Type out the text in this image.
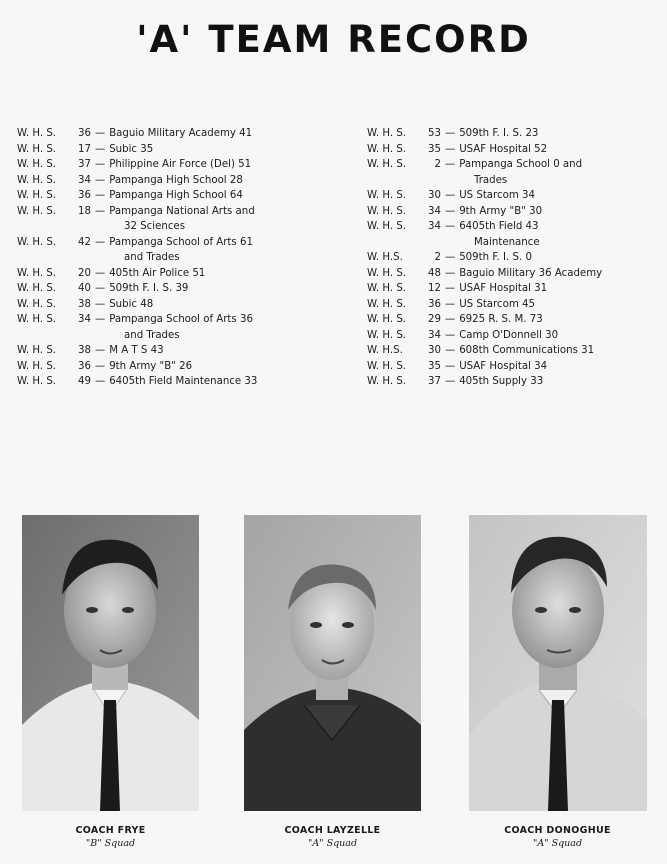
'A' TEAM RECORD
W. H. S. 36 — Baguio Military Academy 41
W. H. S. 17 — Subic 35
W. H. S. 37 — Philippine Air Force (Del) 51
W. H. S. 34 — Pampanga High School 28
W. H. S. 36 — Pampanga High School 64
W. H. S. 18 — Pampanga National Arts and
32 Sciences
W. H. S. 42 — Pampanga School of Arts 61
and Trades
W. H. S. 20 — 405th Air Police 51
W. H. S. 40 — 509th F. I. S. 39
W. H. S. 38 — Subic 48
W. H. S. 34 — Pampanga School of Arts 36
and Trades
W. H. S. 38 — M A T S 43
W. H. S. 36 — 9th Army "B" 26
W. H. S. 49 — 6405th Field Maintenance 33
W. H. S. 53 — 509th F. I. S. 23
W. H. S. 35 — USAF Hospital 52
W. H. S.	2 — Pampanga School 0 and
Trades
W. H. S. 30 — US Starcom 34
W. H. S. 34 — 9th Army "B" 30
W. H. S. 34 — 6405th Field 43
Maintenance
W. H.S.	2 — 509th F. I. S. 0
W. H. S. 48 — Baguio Military 36 Academy
W. H. S. 12 — USAF Hospital 31
W. H. S. 36 — US Starcom 45
W. H. S. 29 — 6925 R. S. M. 73
W. H. S. 34 — Camp O'Donnell 30
W. H.S. 30 — 608th Communications 31
W. H. S. 35 — USAF Hospital 34
W. H. S. 37 — 405th Supply 33
COACH FRYE
"B" Squad
COACH LAYZELLE
"A" Squad
COACH DONOGHUE
"A" Squad
